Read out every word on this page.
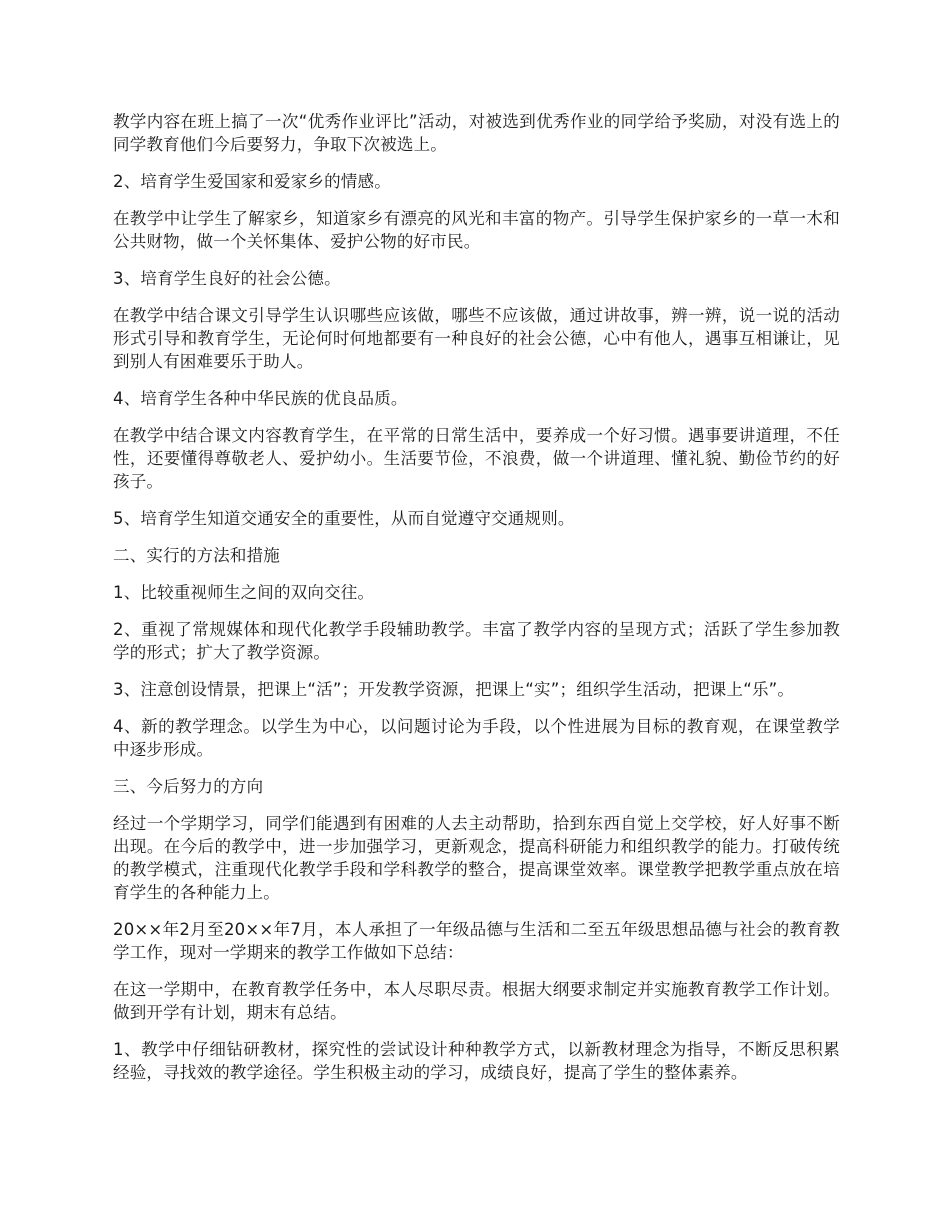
教学内容在班上搞了一次“优秀作业评比”活动，对被选到优秀作业的同学给予奖励，对没有选上的同学教育他们今后要努力，争取下次被选上。

2、培育学生爱国家和爱家乡的情感。

在教学中让学生了解家乡，知道家乡有漂亮的风光和丰富的物产。引导学生保护家乡的一草一木和公共财物，做一个关怀集体、爱护公物的好市民。

3、培育学生良好的社会公德。

在教学中结合课文引导学生认识哪些应该做，哪些不应该做，通过讲故事，辨一辨，说一说的活动形式引导和教育学生，无论何时何地都要有一种良好的社会公德，心中有他人，遇事互相谦让，见到别人有困难要乐于助人。

4、培育学生各种中华民族的优良品质。

在教学中结合课文内容教育学生，在平常的日常生活中，要养成一个好习惯。遇事要讲道理，不任性，还要懂得尊敬老人、爱护幼小。生活要节俭，不浪费，做一个讲道理、懂礼貌、勤俭节约的好孩子。

5、培育学生知道交通安全的重要性，从而自觉遵守交通规则。

二、实行的方法和措施

1、比较重视师生之间的双向交往。

2、重视了常规媒体和现代化教学手段辅助教学。丰富了教学内容的呈现方式；活跃了学生参加教学的形式；扩大了教学资源。

3、注意创设情景，把课上“活”；开发教学资源，把课上“实”；组织学生活动，把课上“乐”。

4、新的教学理念。以学生为中心，以问题讨论为手段，以个性进展为目标的教育观，在课堂教学中逐步形成。

三、今后努力的方向

经过一个学期学习，同学们能遇到有困难的人去主动帮助，拾到东西自觉上交学校，好人好事不断出现。在今后的教学中，进一步加强学习，更新观念，提高科研能力和组织教学的能力。打破传统的教学模式，注重现代化教学手段和学科教学的整合，提高课堂效率。课堂教学把教学重点放在培育学生的各种能力上。

20××年2月至20××年7月，本人承担了一年级品德与生活和二至五年级思想品德与社会的教育教学工作，现对一学期来的教学工作做如下总结：

在这一学期中，在教育教学任务中，本人尽职尽责。根据大纲要求制定并实施教育教学工作计划。做到开学有计划，期末有总结。

1、教学中仔细钻研教材，探究性的尝试设计种种教学方式，以新教材理念为指导，不断反思积累经验，寻找效的教学途径。学生积极主动的学习，成绩良好，提高了学生的整体素养。
